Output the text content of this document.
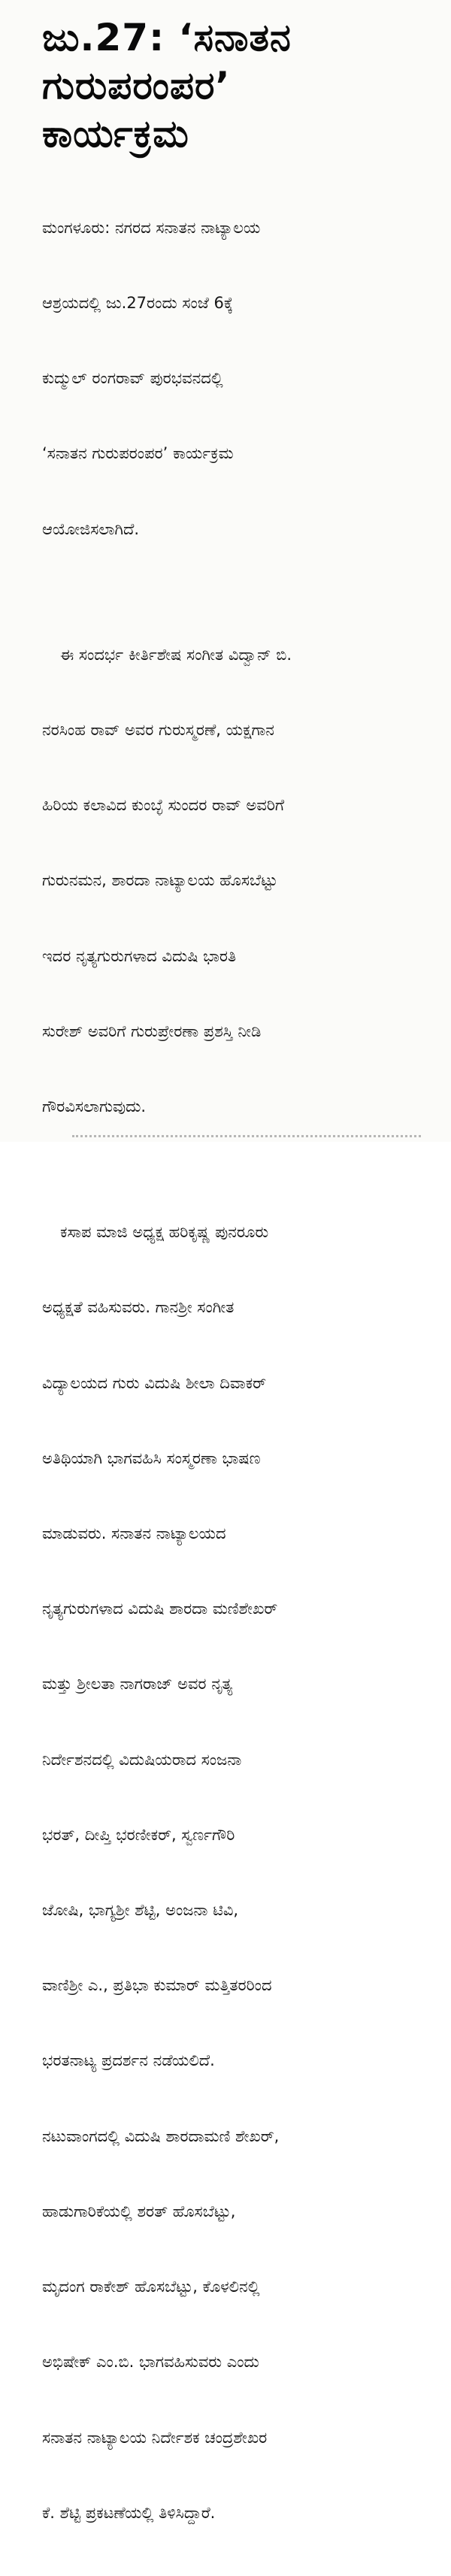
ಜು.27: ‘ಸನಾತನ
ಗುರುಪರಂಪರ’
ಕಾರ್ಯಕ್ರಮ

ಮಂಗಳೂರು: ನಗರದ ಸನಾತನ ನಾಟ್ಯಾಲಯ

ಆಶ್ರಯದಲ್ಲಿ ಜು.27ರಂದು ಸಂಜೆ 6ಕ್ಕೆ

ಕುದ್ಮುಲ್ ರಂಗರಾವ್ ಪುರಭವನದಲ್ಲಿ

‘ಸನಾತನ ಗುರುಪರಂಪರ’ ಕಾರ್ಯಕ್ರಮ

ಆಯೋಜಿಸಲಾಗಿದೆ.

ಈ ಸಂದರ್ಭ ಕೀರ್ತಿಶೇಷ ಸಂಗೀತ ವಿದ್ವಾನ್ ಬಿ.

ನರಸಿಂಹ ರಾವ್ ಅವರ ಗುರುಸ್ಮರಣೆ, ಯಕ್ಷಗಾನ

ಹಿರಿಯ ಕಲಾವಿದ ಕುಂಬ್ಳೆ ಸುಂದರ ರಾವ್ ಅವರಿಗೆ

ಗುರುನಮನ, ಶಾರದಾ ನಾಟ್ಯಾಲಯ ಹೊಸಬೆಟ್ಟು

ಇದರ ನೃತ್ಯಗುರುಗಳಾದ ವಿದುಷಿ ಭಾರತಿ

ಸುರೇಶ್ ಅವರಿಗೆ ಗುರುಪ್ರೇರಣಾ ಪ್ರಶಸ್ತಿ ನೀಡಿ

ಗೌರವಿಸಲಾಗುವುದು.

ಕಸಾಪ ಮಾಜಿ ಅಧ್ಯಕ್ಷ ಹರಿಕೃಷ್ಣ ಪುನರೂರು

ಅಧ್ಯಕ್ಷತೆ ವಹಿಸುವರು. ಗಾನಶ್ರೀ ಸಂಗೀತ

ವಿದ್ಯಾಲಯದ ಗುರು ವಿದುಷಿ ಶೀಲಾ ದಿವಾಕರ್

ಅತಿಥಿಯಾಗಿ ಭಾಗವಹಿಸಿ ಸಂಸ್ಮರಣಾ ಭಾಷಣ

ಮಾಡುವರು. ಸನಾತನ ನಾಟ್ಯಾಲಯದ

ನೃತ್ಯಗುರುಗಳಾದ ವಿದುಷಿ ಶಾರದಾ ಮಣಿಶೇಖರ್

ಮತ್ತು ಶ್ರೀಲತಾ ನಾಗರಾಜ್ ಅವರ ನೃತ್ಯ

ನಿರ್ದೇಶನದಲ್ಲಿ ವಿದುಷಿಯರಾದ ಸಂಜನಾ

ಭರತ್, ದೀಪ್ತಿ ಭರಣೀಕರ್, ಸ್ವರ್ಣಗೌರಿ

ಜೋಷಿ, ಭಾಗ್ಯಶ್ರೀ ಶೆಟ್ಟಿ, ಅಂಜನಾ ಟಿವಿ,

ವಾಣಿಶ್ರೀ ಎ., ಪ್ರತಿಭಾ ಕುಮಾರ್ ಮತ್ತಿತರರಿಂದ

ಭರತನಾಟ್ಯ ಪ್ರದರ್ಶನ ನಡೆಯಲಿದೆ.

ನಟುವಾಂಗದಲ್ಲಿ ವಿದುಷಿ ಶಾರದಾಮಣಿ ಶೇಖರ್,

ಹಾಡುಗಾರಿಕೆಯಲ್ಲಿ ಶರತ್ ಹೊಸಬೆಟ್ಟು,

ಮೃದಂಗ ರಾಕೇಶ್ ಹೊಸಬೆಟ್ಟು, ಕೊಳಲಿನಲ್ಲಿ

ಅಭಿಷೇಕ್ ಎಂ.ಬಿ. ಭಾಗವಹಿಸುವರು ಎಂದು

ಸನಾತನ ನಾಟ್ಯಾಲಯ ನಿರ್ದೇಶಕ ಚಂದ್ರಶೇಖರ

ಕೆ. ಶೆಟ್ಟಿ ಪ್ರಕಟಣೆಯಲ್ಲಿ ತಿಳಿಸಿದ್ದಾರೆ.
